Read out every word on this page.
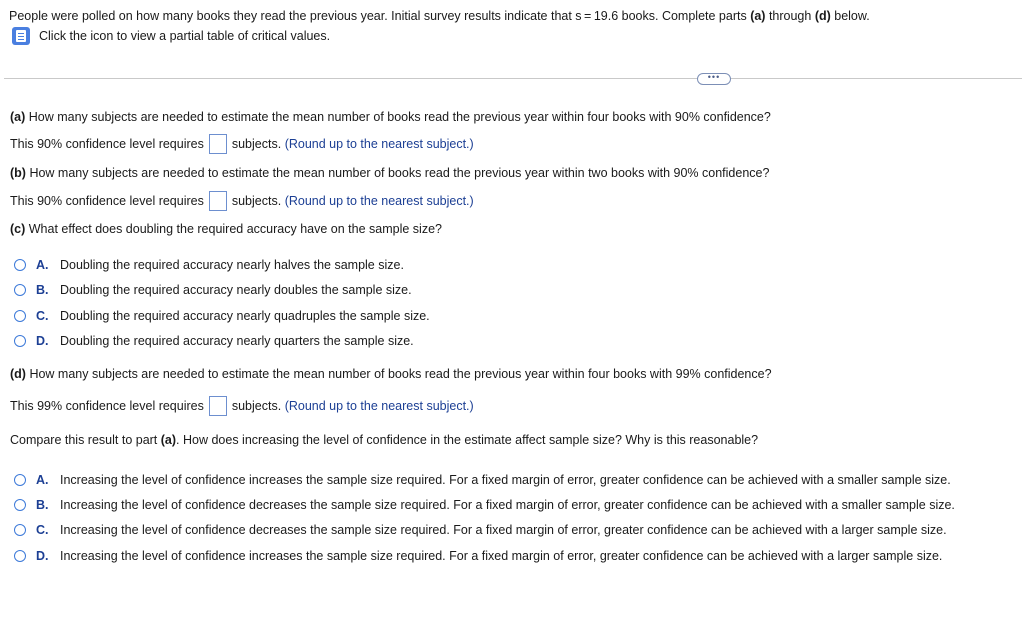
People were polled on how many books they read the previous year. Initial survey results indicate that s = 19.6 books. Complete parts (a) through (d) below.
Click the icon to view a partial table of critical values.
•••
(a) How many subjects are needed to estimate the mean number of books read the previous year within four books with 90% confidence?
This 90% confidence level requires subjects.
(Round up to the nearest subject.)
(b) How many subjects are needed to estimate the mean number of books read the previous year within two books with 90% confidence?
This 90% confidence level requires subjects.
(Round up to the nearest subject.)
(c) What effect does doubling the required accuracy have on the sample size?
A. Doubling the required accuracy nearly halves the sample size.
B. Doubling the required accuracy nearly doubles the sample size.
C. Doubling the required accuracy nearly quadruples the sample size.
D. Doubling the required accuracy nearly quarters the sample size.
(d) How many subjects are needed to estimate the mean number of books read the previous year within four books with 99% confidence?
This 99% confidence level requires subjects.
(Round up to the nearest subject.)
Compare this result to part (a). How does increasing the level of confidence in the estimate affect sample size? Why is this reasonable?
A. Increasing the level of confidence increases the sample size required. For a fixed margin of error, greater confidence can be achieved with a smaller sample size.
B. Increasing the level of confidence decreases the sample size required. For a fixed margin of error, greater confidence can be achieved with a smaller sample size.
C. Increasing the level of confidence decreases the sample size required. For a fixed margin of error, greater confidence can be achieved with a larger sample size.
D. Increasing the level of confidence increases the sample size required. For a fixed margin of error, greater confidence can be achieved with a larger sample size.
